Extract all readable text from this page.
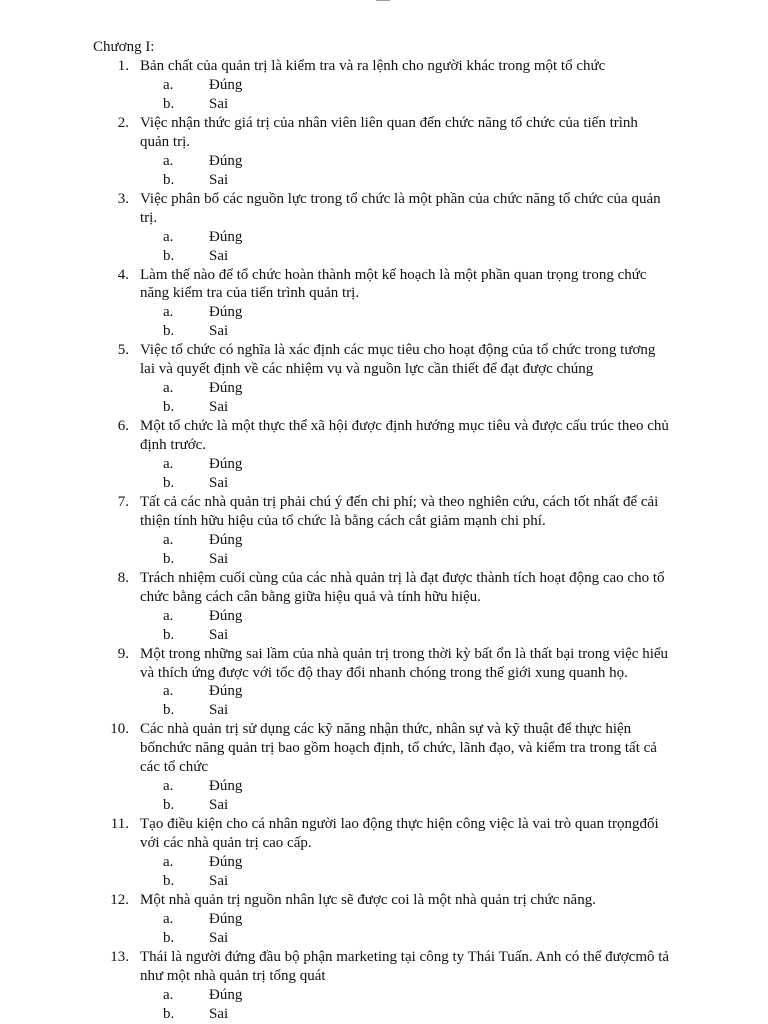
Chương I:
1. Bản chất của quản trị là kiểm tra và ra lệnh cho người khác trong một tổ chức
a. Đúng
b. Sai
2. Việc nhận thức giá trị của nhân viên liên quan đến chức năng tổ chức của tiến trình
quản trị.
a. Đúng
b. Sai
3. Việc phân bổ các nguồn lực trong tổ chức là một phần của chức năng tổ chức của quản
trị.
a. Đúng
b. Sai
4. Làm thế nào để tổ chức hoàn thành một kế hoạch là một phần quan trọng trong chức
năng kiểm tra của tiến trình quản trị.
a. Đúng
b. Sai
5. Việc tổ chức có nghĩa là xác định các mục tiêu cho hoạt động của tổ chức trong tương
lai và quyết định về các nhiệm vụ và nguồn lực cần thiết để đạt được chúng
a. Đúng
b. Sai
6. Một tổ chức là một thực thể xã hội được định hướng mục tiêu và được cấu trúc theo chủ
định trước.
a. Đúng
b. Sai
7. Tất cả các nhà quản trị phải chú ý đến chi phí; và theo nghiên cứu, cách tốt nhất để cải
thiện tính hữu hiệu của tổ chức là bằng cách cắt giảm mạnh chi phí.
a. Đúng
b. Sai
8. Trách nhiệm cuối cùng của các nhà quản trị là đạt được thành tích hoạt động cao cho tổ
chức bằng cách cân bằng giữa hiệu quả và tính hữu hiệu.
a. Đúng
b. Sai
9. Một trong những sai lầm của nhà quản trị trong thời kỳ bất ổn là thất bại trong việc hiểu
và thích ứng được với tốc độ thay đổi nhanh chóng trong thế giới xung quanh họ.
a. Đúng
b. Sai
10. Các nhà quản trị sử dụng các kỹ năng nhận thức, nhân sự và kỹ thuật để thực hiện
bốnchức năng quản trị bao gồm hoạch định, tổ chức, lãnh đạo, và kiểm tra trong tất cả
các tổ chức
a. Đúng
b. Sai
11. Tạo điều kiện cho cá nhân người lao động thực hiện công việc là vai trò quan trọngđối
với các nhà quản trị cao cấp.
a. Đúng
b. Sai
12. Một nhà quản trị nguồn nhân lực sẽ được coi là một nhà quản trị chức năng.
a. Đúng
b. Sai
13. Thái là người đứng đầu bộ phận marketing tại công ty Thái Tuấn. Anh có thể đượcmô tả
như một nhà quản trị tổng quát
a. Đúng
b. Sai
